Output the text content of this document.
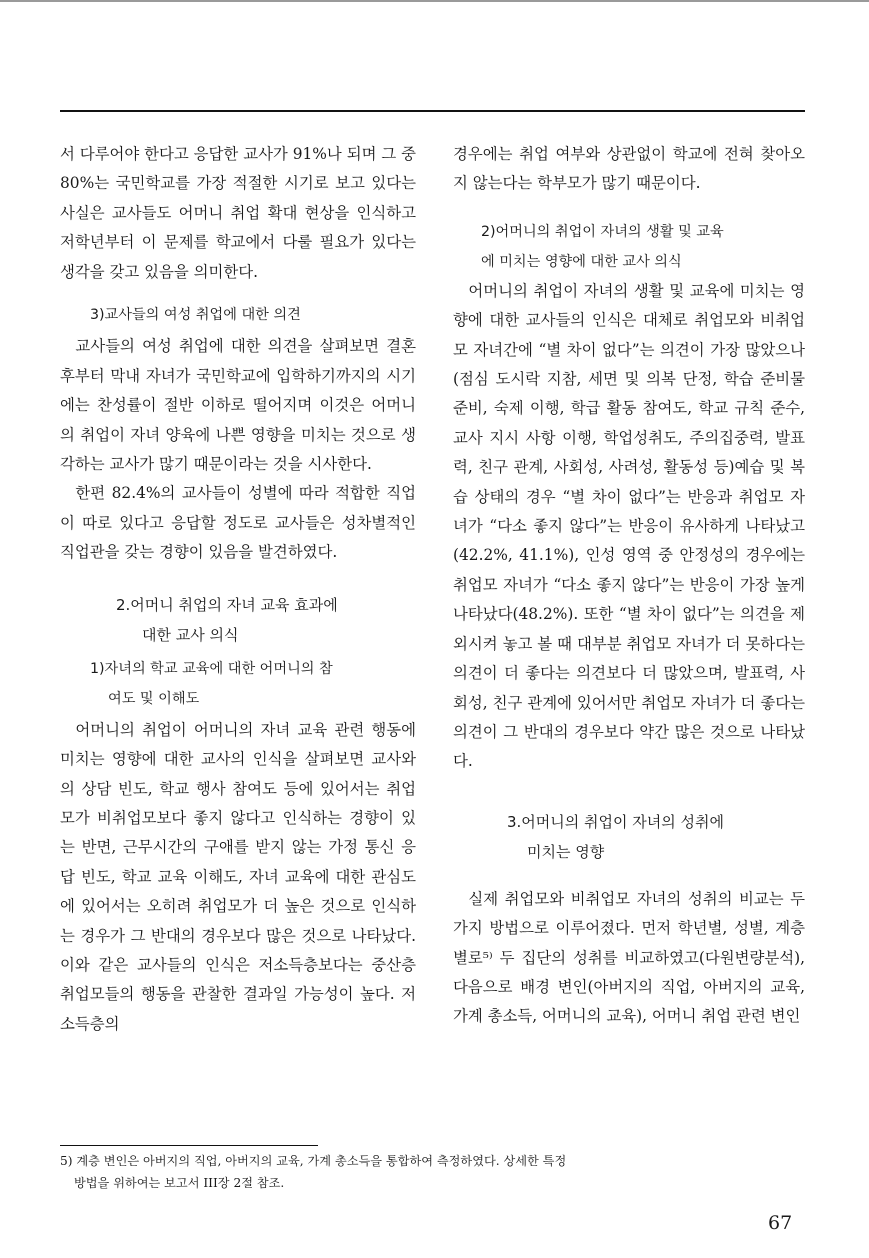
서 다루어야 한다고 응답한 교사가 91%나 되며 그 중 80%는 국민학교를 가장 적절한 시기로 보고 있다는 사실은 교사들도 어머니 취업 확대 현상을 인식하고 저학년부터 이 문제를 학교에서 다룰 필요가 있다는 생각을 갖고 있음을 의미한다.

3)교사들의 여성 취업에 대한 의견

교사들의 여성 취업에 대한 의견을 살펴보면 결혼 후부터 막내 자녀가 국민학교에 입학하기까지의 시기에는 찬성률이 절반 이하로 떨어지며 이것은 어머니의 취업이 자녀 양육에 나쁜 영향을 미치는 것으로 생각하는 교사가 많기 때문이라는 것을 시사한다.

한편 82.4%의 교사들이 성별에 따라 적합한 직업이 따로 있다고 응답할 정도로 교사들은 성차별적인 직업관을 갖는 경향이 있음을 발견하였다.

2.어머니 취업의 자녀 교육 효과에
대한 교사 의식
1)자녀의 학교 교육에 대한 어머니의 참
여도 및 이해도

어머니의 취업이 어머니의 자녀 교육 관련 행동에 미치는 영향에 대한 교사의 인식을 살펴보면 교사와의 상담 빈도, 학교 행사 참여도 등에 있어서는 취업모가 비취업모보다 좋지 않다고 인식하는 경향이 있는 반면, 근무시간의 구애를 받지 않는 가정 통신 응답 빈도, 학교 교육 이해도, 자녀 교육에 대한 관심도에 있어서는 오히려 취업모가 더 높은 것으로 인식하는 경우가 그 반대의 경우보다 많은 것으로 나타났다. 이와 같은 교사들의 인식은 저소득층보다는 중산층 취업모들의 행동을 관찰한 결과일 가능성이 높다. 저소득층의

경우에는 취업 여부와 상관없이 학교에 전혀 찾아오지 않는다는 학부모가 많기 때문이다.

2)어머니의 취업이 자녀의 생활 및 교육
에 미치는 영향에 대한 교사 의식

어머니의 취업이 자녀의 생활 및 교육에 미치는 영향에 대한 교사들의 인식은 대체로 취업모와 비취업모 자녀간에 “별 차이 없다”는 의견이 가장 많았으나(점심 도시락 지참, 세면 및 의복 단정, 학습 준비물 준비, 숙제 이행, 학급 활동 참여도, 학교 규칙 준수, 교사 지시 사항 이행, 학업성취도, 주의집중력, 발표력, 친구 관계, 사회성, 사려성, 활동성 등)예습 및 복습 상태의 경우 “별 차이 없다”는 반응과 취업모 자녀가 “다소 좋지 않다”는 반응이 유사하게 나타났고(42.2%, 41.1%), 인성 영역 중 안정성의 경우에는 취업모 자녀가 “다소 좋지 않다”는 반응이 가장 높게 나타났다(48.2%). 또한 “별 차이 없다”는 의견을 제외시켜 놓고 볼 때 대부분 취업모 자녀가 더 못하다는 의견이 더 좋다는 의견보다 더 많았으며, 발표력, 사회성, 친구 관계에 있어서만 취업모 자녀가 더 좋다는 의견이 그 반대의 경우보다 약간 많은 것으로 나타났다.

3.어머니의 취업이 자녀의 성취에
미치는 영향

실제 취업모와 비취업모 자녀의 성취의 비교는 두 가지 방법으로 이루어졌다. 먼저 학년별, 성별, 계층별로⁵⁾ 두 집단의 성취를 비교하였고(다원변량분석), 다음으로 배경 변인(아버지의 직업, 아버지의 교육, 가계 총소득, 어머니의 교육), 어머니 취업 관련 변인

5) 계층 변인은 아버지의 직업, 아버지의 교육, 가계 총소득을 통합하여 측정하였다. 상세한 특정
방법을 위하여는 보고서 III장 2절 참조.
67
